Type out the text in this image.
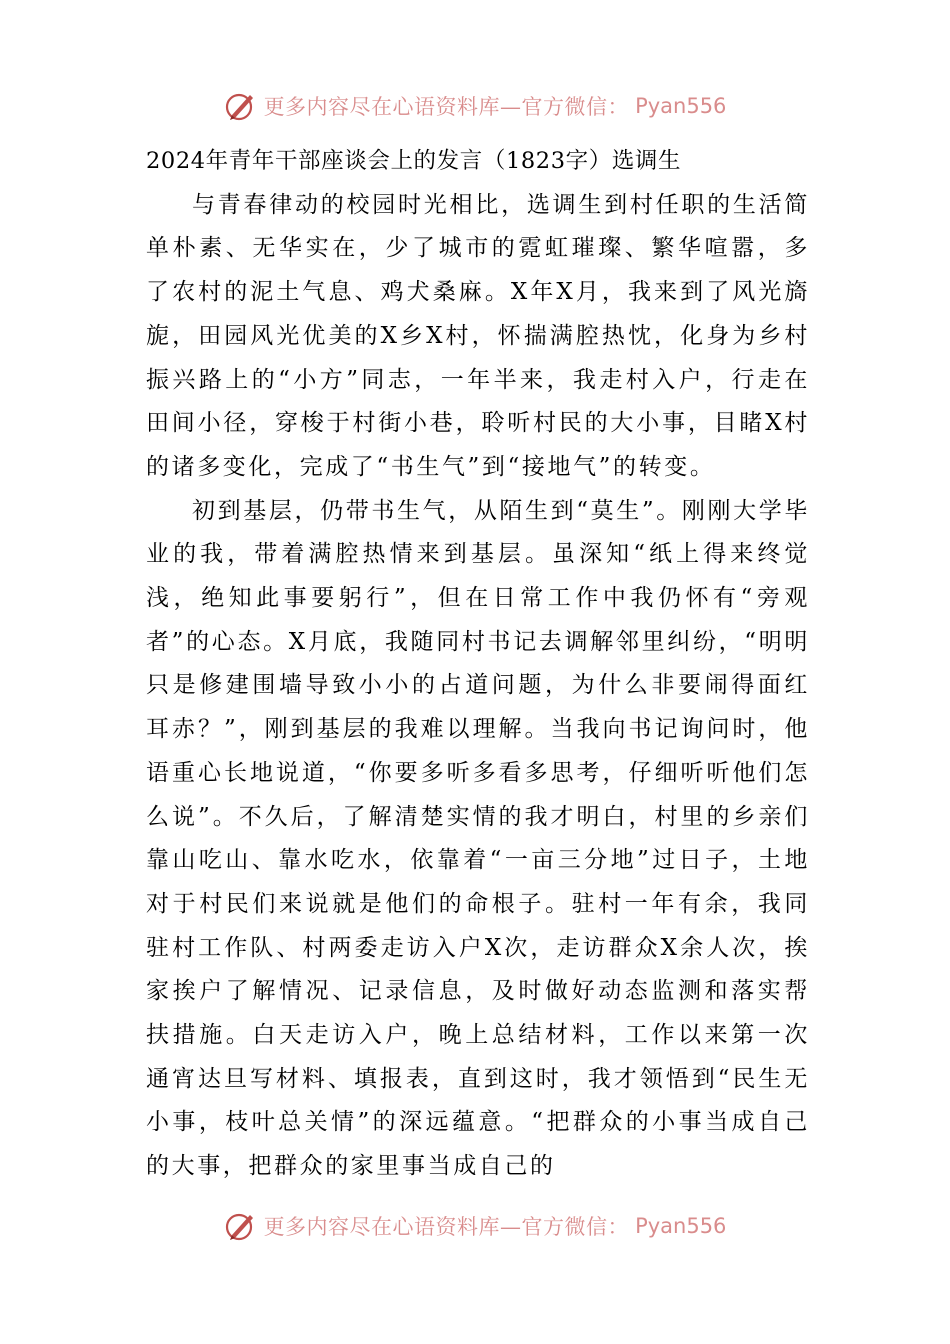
更多内容尽在心语资料库—官方微信： Pyan556

2024年青年干部座谈会上的发言（1823字）选调生

与青春律动的校园时光相比，选调生到村任职的生活简单朴素、无华实在，少了城市的霓虹璀璨、繁华喧嚣，多了农村的泥土气息、鸡犬桑麻。X年X月，我来到了风光旖旎，田园风光优美的X乡X村，怀揣满腔热忱，化身为乡村振兴路上的“小方”同志，一年半来，我走村入户，行走在田间小径，穿梭于村街小巷，聆听村民的大小事，目睹X村的诸多变化，完成了“书生气”到“接地气”的转变。

初到基层，仍带书生气，从陌生到“莫生”。刚刚大学毕业的我，带着满腔热情来到基层。虽深知“纸上得来终觉浅，绝知此事要躬行”，但在日常工作中我仍怀有“旁观者”的心态。X月底，我随同村书记去调解邻里纠纷，“明明只是修建围墙导致小小的占道问题，为什么非要闹得面红耳赤？”，刚到基层的我难以理解。当我向书记询问时，他语重心长地说道，“你要多听多看多思考，仔细听听他们怎么说”。不久后，了解清楚实情的我才明白，村里的乡亲们靠山吃山、靠水吃水，依靠着“一亩三分地”过日子，土地对于村民们来说就是他们的命根子。驻村一年有余，我同驻村工作队、村两委走访入户X次，走访群众X余人次，挨家挨户了解情况、记录信息，及时做好动态监测和落实帮扶措施。白天走访入户，晚上总结材料，工作以来第一次通宵达旦写材料、填报表，直到这时，我才领悟到“民生无小事，枝叶总关情”的深远蕴意。“把群众的小事当成自己的大事，把群众的家里事当成自己的

更多内容尽在心语资料库—官方微信： Pyan556
